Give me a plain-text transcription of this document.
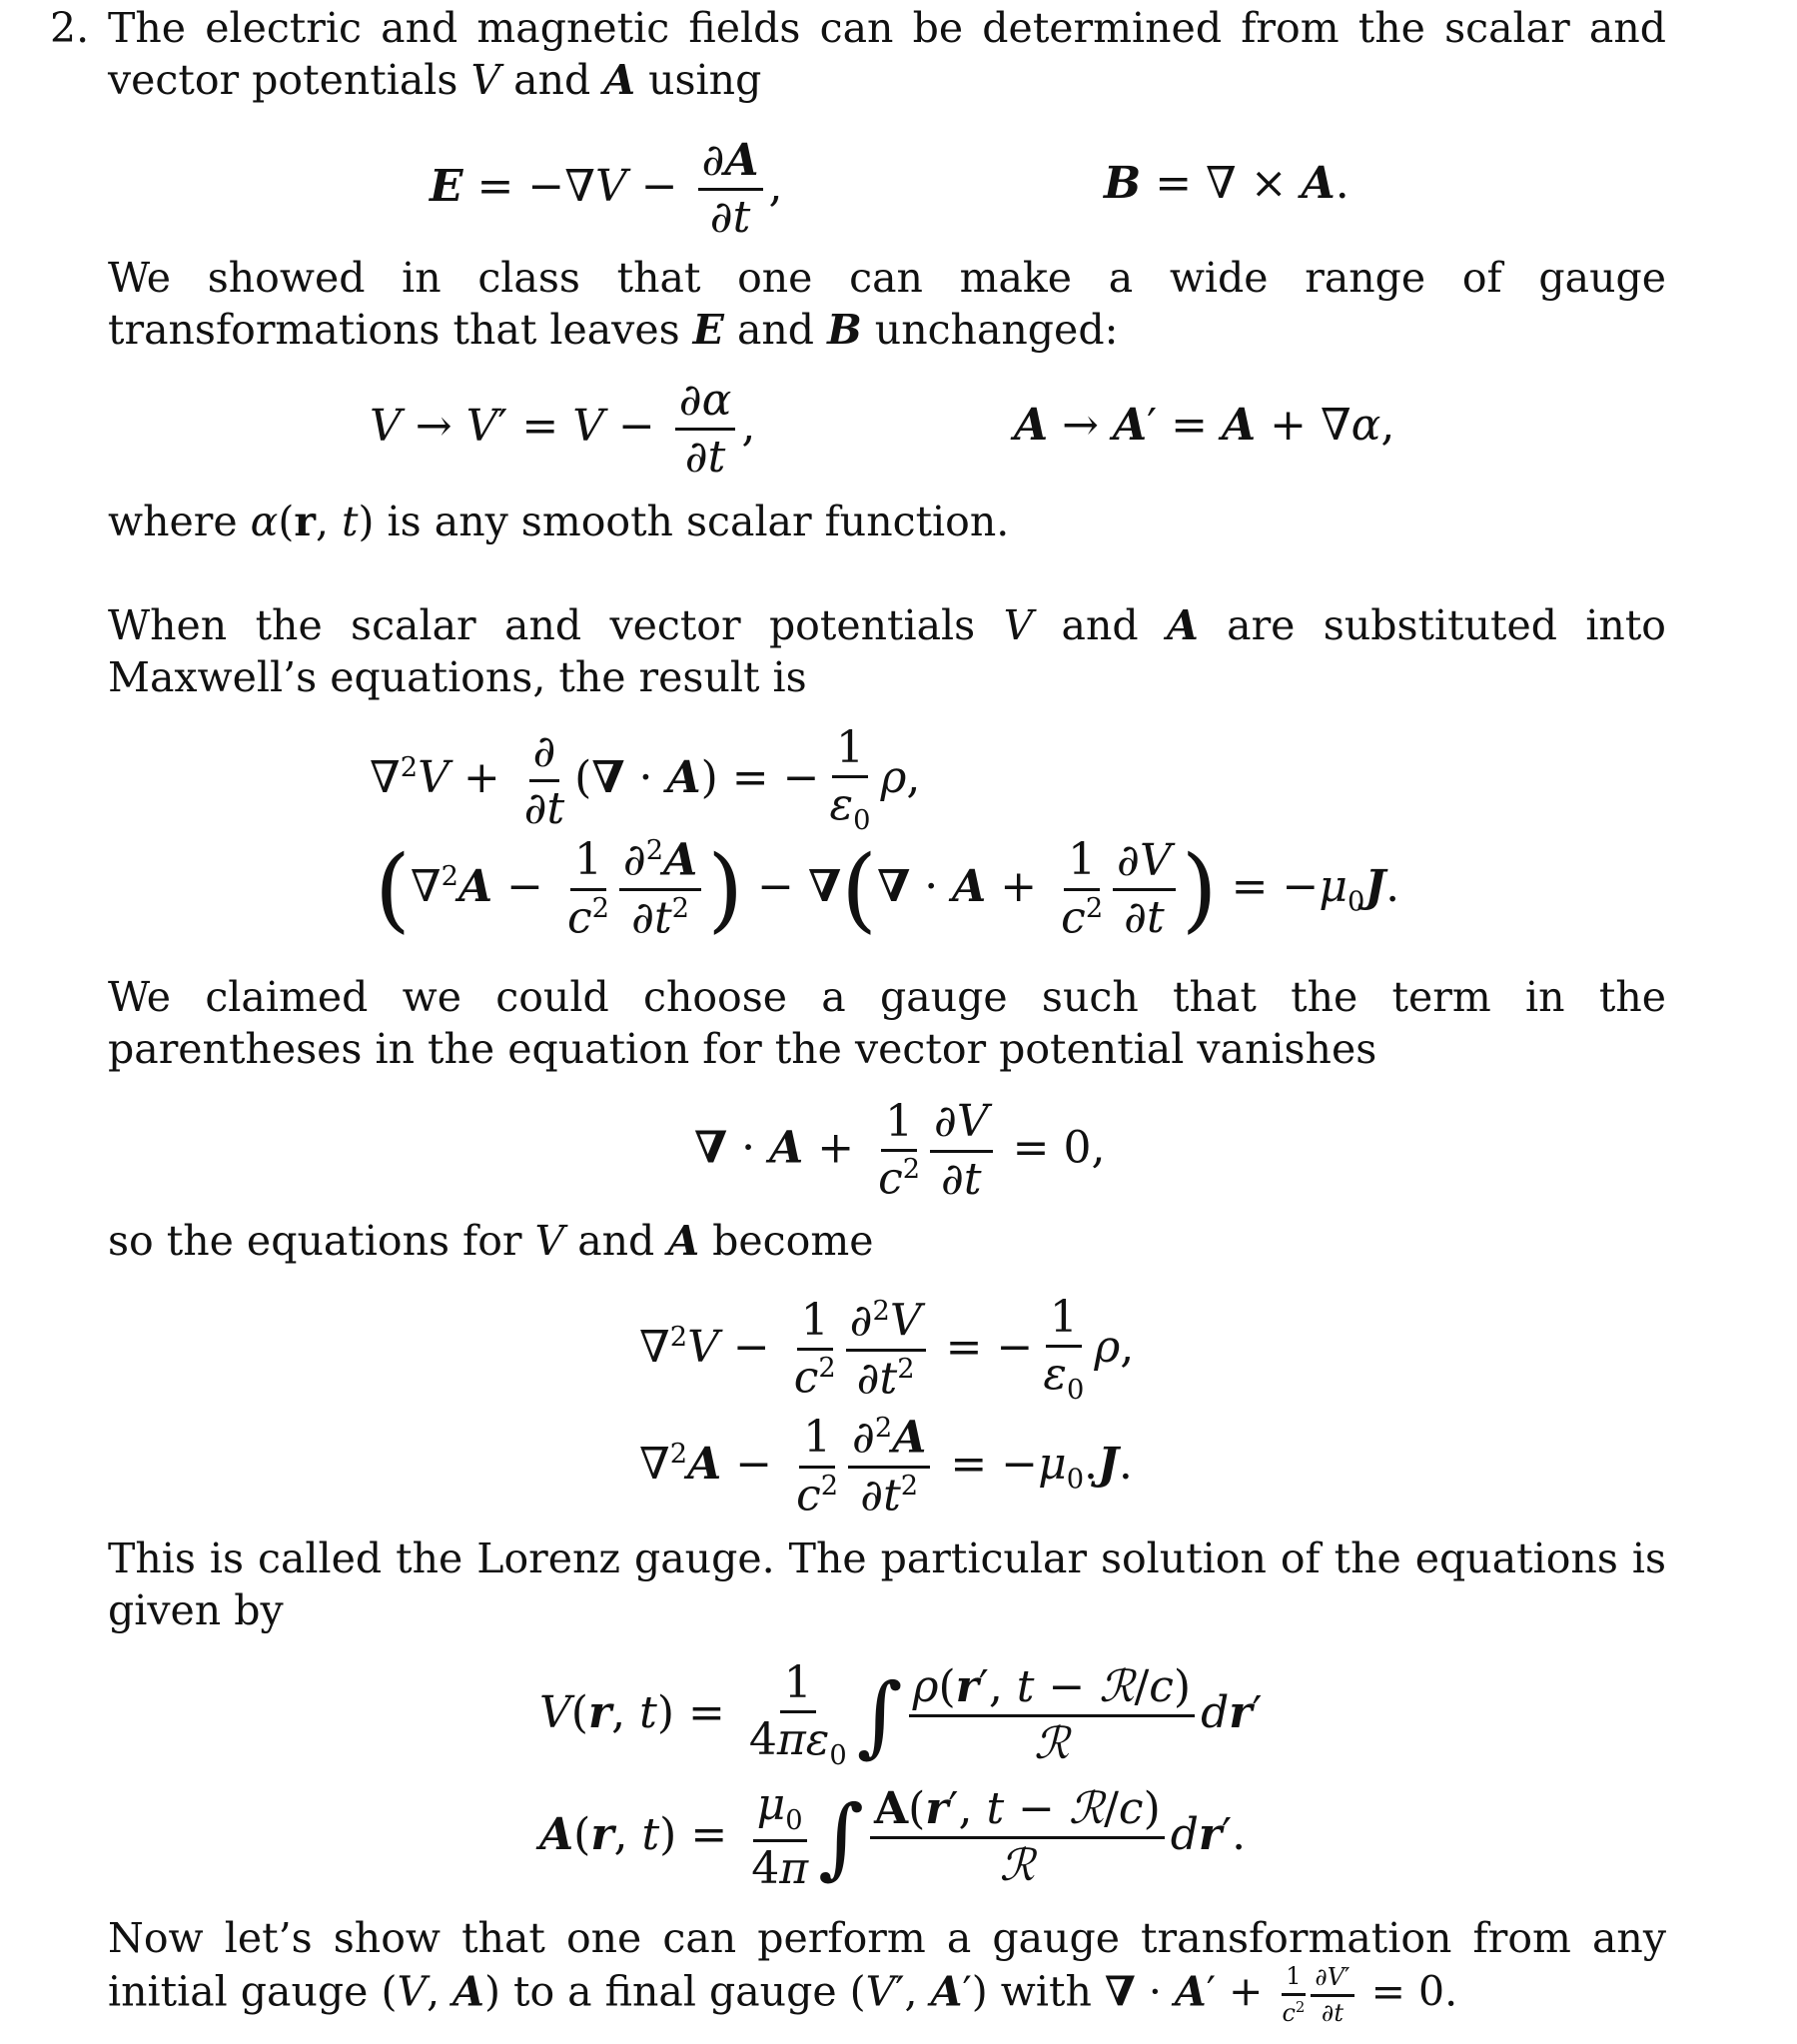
2. The electric and magnetic fields can be determined from the scalar and vector potentials V and A using
$E = -\nabla V - \frac{\partial A}{\partial t}$ ,	B = ∇ × A.
We showed in class that one can make a wide range of gauge transformations that leaves E and B unchanged:
$V \to V' = V - \frac{\partial\alpha}{\partial t}$ ,	A → A′ = A + ∇α,
where α(r, t) is any smooth scalar function.
When the scalar and vector potentials V and A are substituted into Maxwell’s equations, the result is
$\nabla^2V + \frac{\partial}{\partial t}$ (∇ · A) = − $\frac{1}{\varepsilon_0} \rho$,
($\nabla^2A - \frac{1}{c^2} \frac{\partial^2A}{\partial t^2}$ ) − ∇(∇ · $A + \frac{1}{c^2} \frac{\partial V}{\partial t}$ ) = $-\mu_0J$.
We claimed we could choose a gauge such that the term in the parentheses in the equation for the vector potential vanishes
∇ · $A + \frac{1}{c^2} \frac{\partial V}{\partial t} = 0$,
so the equations for V and A become
$\nabla^2V - \frac{1}{c^2} \frac{\partial^2V}{\partial t^2}$ = − $\frac{1}{\varepsilon_0} \rho$,
$\nabla^2A - \frac{1}{c^2} \frac{\partial^2A}{\partial t^2} = -\mu_0.J$.
This is called the Lorenz gauge. The particular solution of the equations is given by
V(r, $t) = \frac{1}{4\pi\varepsilon_0}$ ∫ $\frac{\text{ρ(r′, t − ℛ/c)}}{\text{ℛ}} dr'$
A(r, $t) = \frac{\mu_0}{4\pi}$ ∫ $\frac{\text{A(r′, t − ℛ/c)}}{\text{ℛ}} dr'$.
Now let’s show that one can perform a gauge transformation from any initial gauge (V, A) to a final gauge (V′, A′) with ∇ · $A' + \frac{1}{c^2} \frac{\partial V'}{\partial t} = 0$.
